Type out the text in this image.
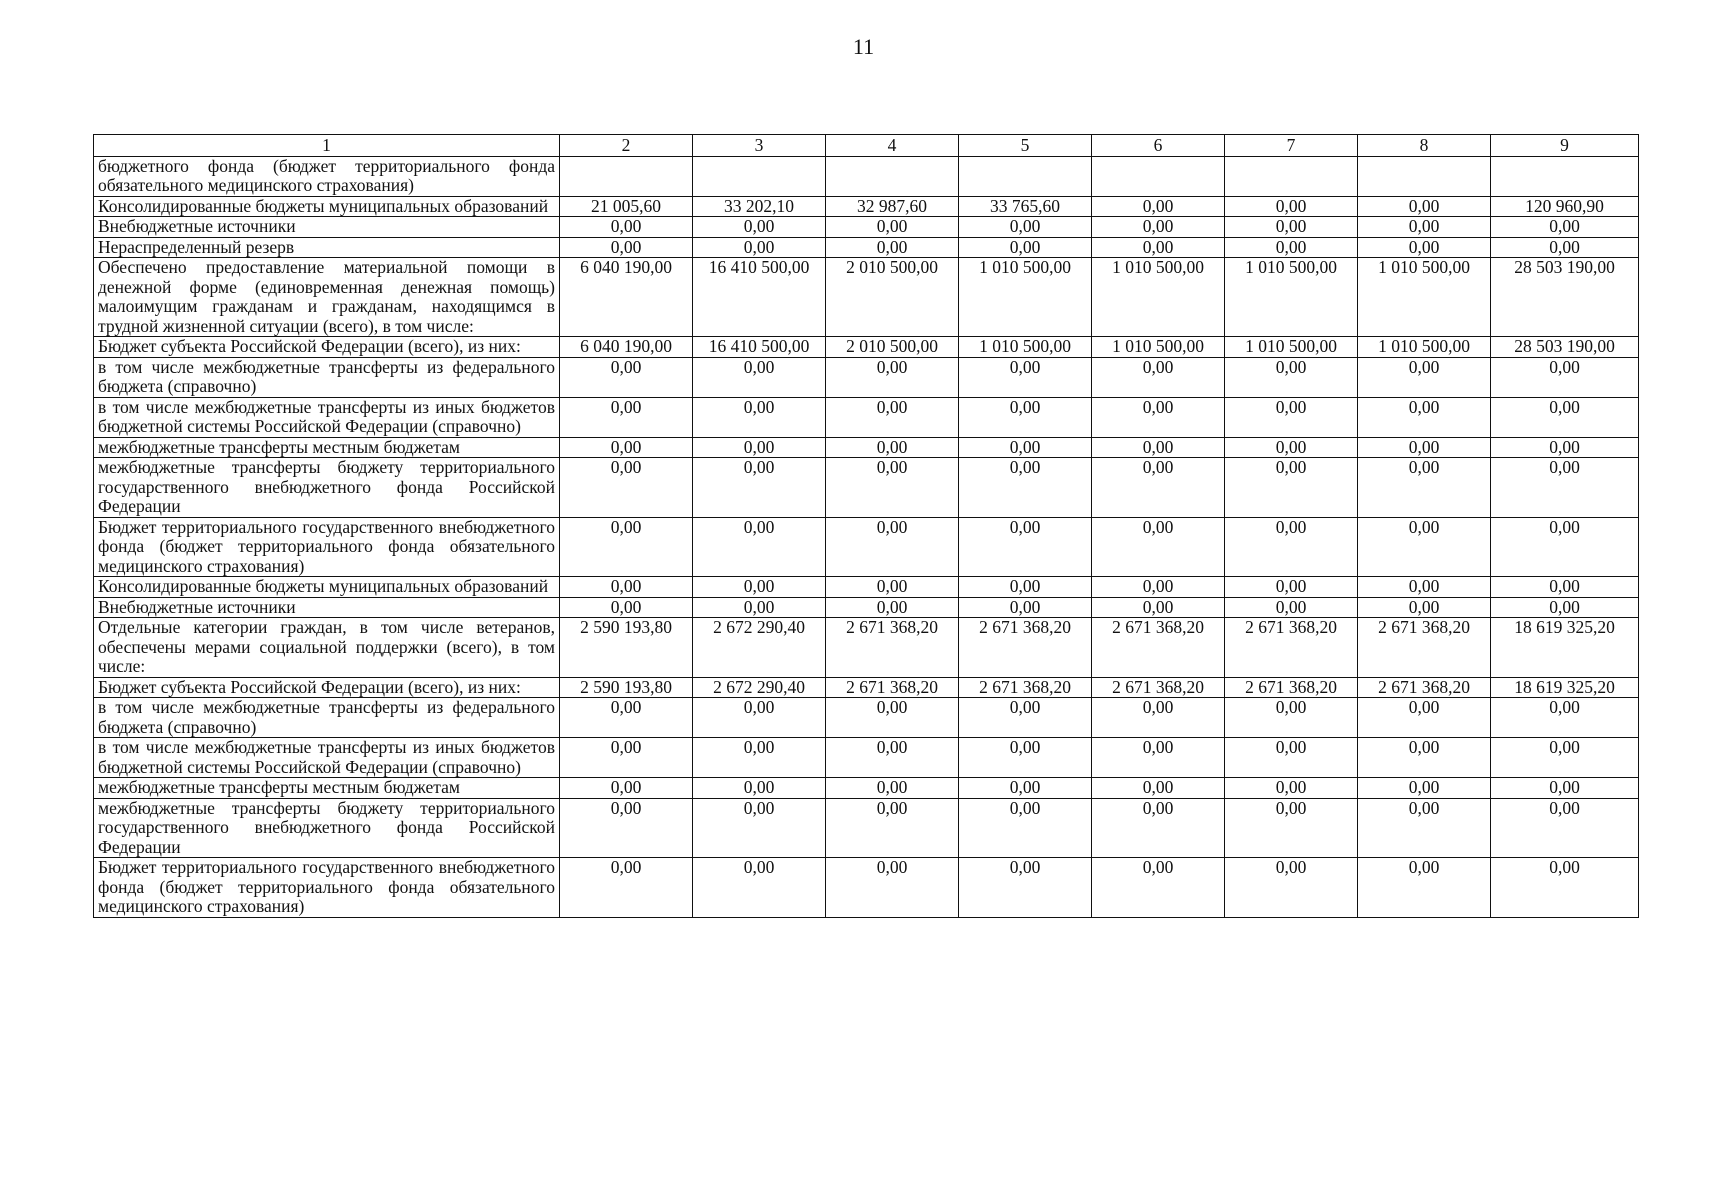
11
1	2	3	4	5	6	7	8	9
бюджетного фонда (бюджет территориального фонда обязательного медицинского страхования)								
Консолидированные бюджеты муниципальных образований	21 005,60	33 202,10	32 987,60	33 765,60	0,00	0,00	0,00	120 960,90
Внебюджетные источники	0,00	0,00	0,00	0,00	0,00	0,00	0,00	0,00
Нераспределенный резерв	0,00	0,00	0,00	0,00	0,00	0,00	0,00	0,00
Обеспечено предоставление материальной помощи в денежной форме (единовременная денежная помощь) малоимущим гражданам и гражданам, находящимся в трудной жизненной ситуации (всего), в том числе:	6 040 190,00	16 410 500,00	2 010 500,00	1 010 500,00	1 010 500,00	1 010 500,00	1 010 500,00	28 503 190,00
Бюджет субъекта Российской Федерации (всего), из них:	6 040 190,00	16 410 500,00	2 010 500,00	1 010 500,00	1 010 500,00	1 010 500,00	1 010 500,00	28 503 190,00
в том числе межбюджетные трансферты из федерального бюджета (справочно)	0,00	0,00	0,00	0,00	0,00	0,00	0,00	0,00
в том числе межбюджетные трансферты из иных бюджетов бюджетной системы Российской Федерации (справочно)	0,00	0,00	0,00	0,00	0,00	0,00	0,00	0,00
межбюджетные трансферты местным бюджетам	0,00	0,00	0,00	0,00	0,00	0,00	0,00	0,00
межбюджетные трансферты бюджету территориального государственного внебюджетного фонда Российской Федерации	0,00	0,00	0,00	0,00	0,00	0,00	0,00	0,00
Бюджет территориального государственного внебюджетного фонда (бюджет территориального фонда обязательного медицинского страхования)	0,00	0,00	0,00	0,00	0,00	0,00	0,00	0,00
Консолидированные бюджеты муниципальных образований	0,00	0,00	0,00	0,00	0,00	0,00	0,00	0,00
Внебюджетные источники	0,00	0,00	0,00	0,00	0,00	0,00	0,00	0,00
Отдельные категории граждан, в том числе ветеранов, обеспечены мерами социальной поддержки (всего), в том числе:	2 590 193,80	2 672 290,40	2 671 368,20	2 671 368,20	2 671 368,20	2 671 368,20	2 671 368,20	18 619 325,20
Бюджет субъекта Российской Федерации (всего), из них:	2 590 193,80	2 672 290,40	2 671 368,20	2 671 368,20	2 671 368,20	2 671 368,20	2 671 368,20	18 619 325,20
в том числе межбюджетные трансферты из федерального бюджета (справочно)	0,00	0,00	0,00	0,00	0,00	0,00	0,00	0,00
в том числе межбюджетные трансферты из иных бюджетов бюджетной системы Российской Федерации (справочно)	0,00	0,00	0,00	0,00	0,00	0,00	0,00	0,00
межбюджетные трансферты местным бюджетам	0,00	0,00	0,00	0,00	0,00	0,00	0,00	0,00
межбюджетные трансферты бюджету территориального государственного внебюджетного фонда Российской Федерации	0,00	0,00	0,00	0,00	0,00	0,00	0,00	0,00
Бюджет территориального государственного внебюджетного фонда (бюджет территориального фонда обязательного медицинского страхования)	0,00	0,00	0,00	0,00	0,00	0,00	0,00	0,00
